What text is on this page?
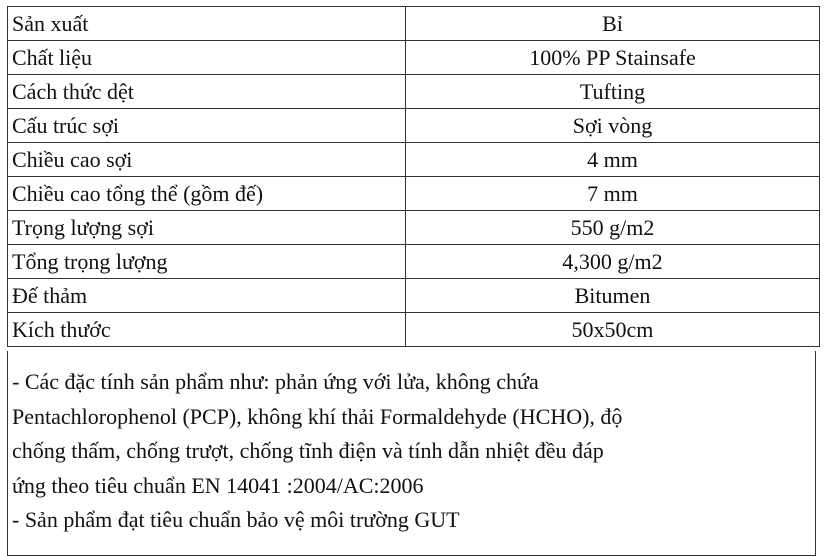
Sản xuất	Bỉ
Chất liệu	100% PP Stainsafe
Cách thức dệt	Tufting
Cấu trúc sợi	Sợi vòng
Chiều cao sợi	4 mm
Chiều cao tổng thể (gồm đế)	7 mm
Trọng lượng sợi	550 g/m2
Tổng trọng lượng	4,300 g/m2
Đế thảm	Bitumen
Kích thước	50x50cm
- Các đặc tính sản phẩm như: phản ứng với lửa, không chứa
Pentachlorophenol (PCP), không khí thải Formaldehyde (HCHO), độ
chống thấm, chống trượt, chống tĩnh điện và tính dẫn nhiệt đều đáp
ứng theo tiêu chuẩn EN 14041 :2004/AC:2006
- Sản phẩm đạt tiêu chuẩn bảo vệ môi trường GUT
